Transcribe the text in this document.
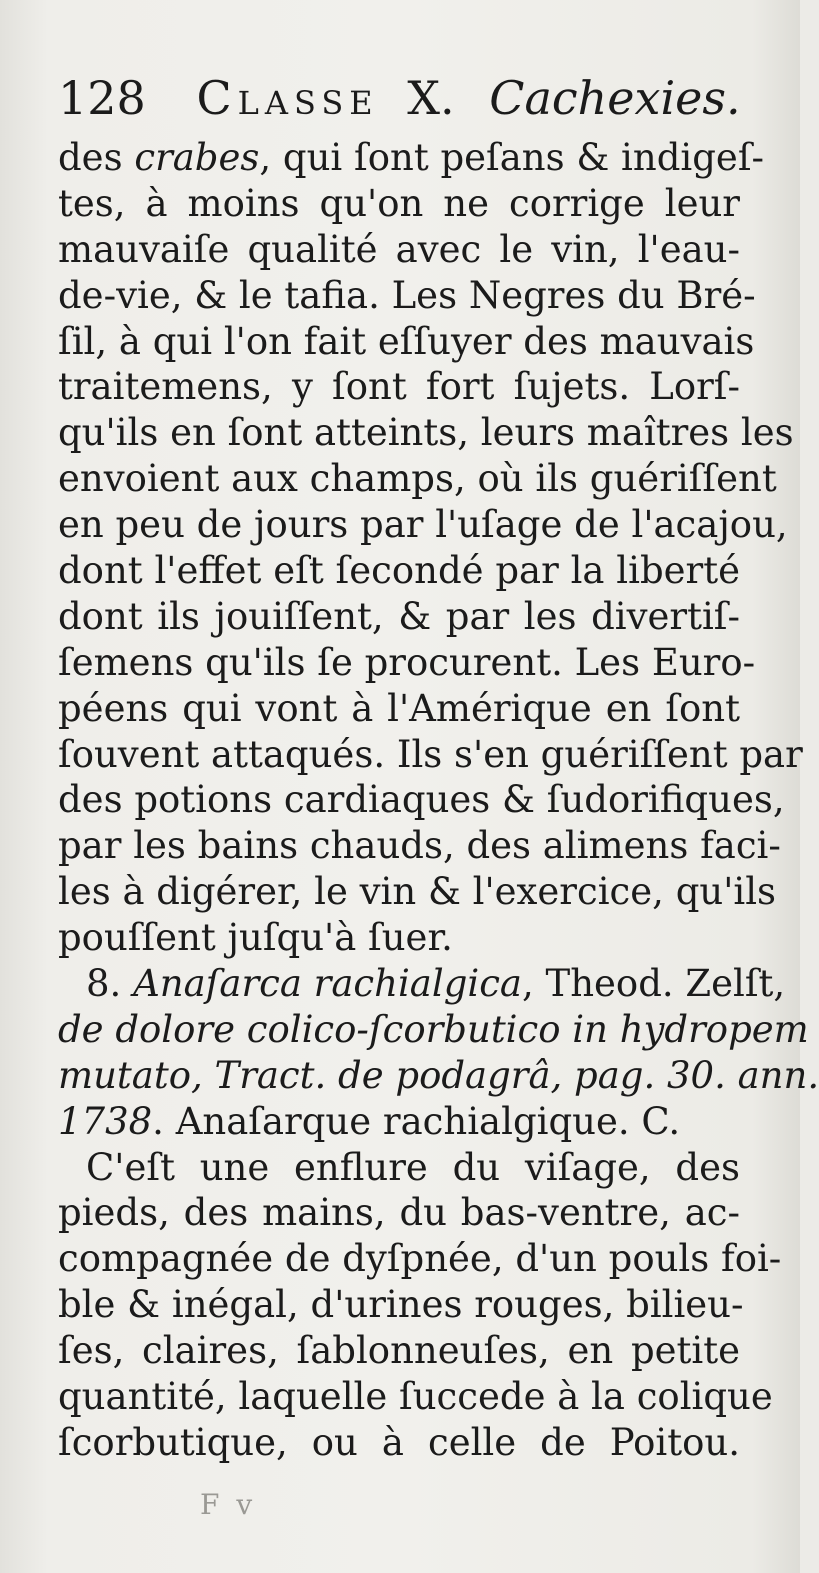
128 Classe X. Cachexies.
des crabes, qui ſont peſans & indigeſ-
tes, à moins qu'on ne corrige leur
mauvaiſe qualité avec le vin, l'eau-
de-vie, & le tafia. Les Negres du Bré-
ſil, à qui l'on fait eſſuyer des mauvais
traitemens, y ſont fort ſujets. Lorſ-
qu'ils en ſont atteints, leurs maîtres les
envoient aux champs, où ils guériſſent
en peu de jours par l'uſage de l'acajou,
dont l'effet eſt ſecondé par la liberté
dont ils jouiſſent, & par les divertiſ-
ſemens qu'ils ſe procurent. Les Euro-
péens qui vont à l'Amérique en ſont
ſouvent attaqués. Ils s'en guériſſent par
des potions cardiaques & ſudorifiques,
par les bains chauds, des alimens faci-
les à digérer, le vin & l'exercice, qu'ils
pouſſent juſqu'à ſuer.
8. Anaſarca rachialgica, Theod. Zelſt,
de dolore colico-ſcorbutico in hydropem
mutato, Tract. de podagrâ, pag. 30. ann.
1738. Anaſarque rachialgique. C.
C'eſt une enflure du viſage, des
pieds, des mains, du bas-ventre, ac-
compagnée de dyſpnée, d'un pouls foi-
ble & inégal, d'urines rouges, bilieu-
ſes, claires, ſablonneuſes, en petite
quantité, laquelle ſuccede à la colique
ſcorbutique, ou à celle de Poitou.
F v
